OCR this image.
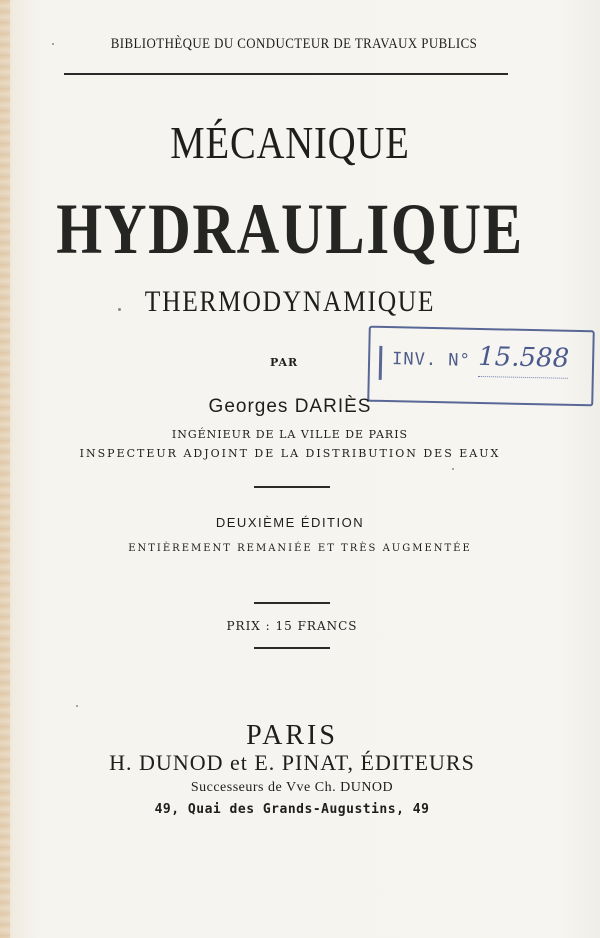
BIBLIOTHÈQUE DU CONDUCTEUR DE TRAVAUX PUBLICS
MÉCANIQUE
HYDRAULIQUE
THERMODYNAMIQUE
PAR	INV. N° 15.588
Georges DARIÈS
INGÉNIEUR DE LA VILLE DE PARIS
INSPECTEUR ADJOINT DE LA DISTRIBUTION DES EAUX
DEUXIÈME ÉDITION
ENTIÈREMENT REMANIÉE ET TRÈS AUGMENTÉE
PRIX : 15 FRANCS
PARIS
H. DUNOD et E. PINAT, ÉDITEURS
Successeurs de Vve Ch. DUNOD
49, Quai des Grands-Augustins, 49
